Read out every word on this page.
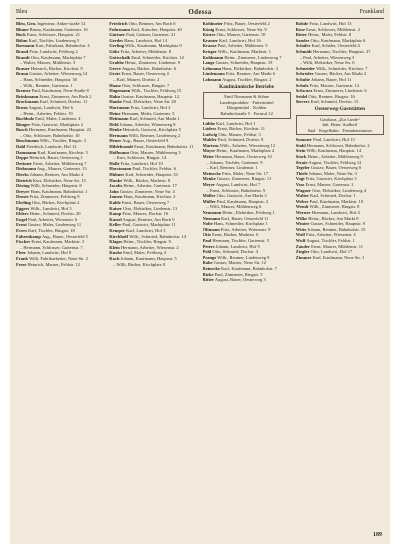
Bleu	Odessa	Frankland

Bleu, Gen. Ingenieur, Anker-straße 12

Blume Bruno, Kaufmann, Gartenstr. 16

Bock Ernst, Schlosser, Hauptstr. 21

Böhm Karl, Tischler, Lindenweg 5

Bormann Kurt, Fabrikant, Bahnhofstr. 4

Brand Fritz, Landwirt, Feldweg 2

Brandt Otto, Kaufmann, Marktplatz 7

– Walter, Maurer, Mühlenstr. 3

Brauer Heinrich, Bäcker, Kirchstr. 9

Braun Gustav, Arbeiter, Wiesenweg 14

– Hans, Schneider, Hauptstr. 30

– Wilh., Rentner, Gartenstr. 1

Bremer Paul, Kaufmann, Neue Straße 8

Brinkmann Ernst, Zimmerer, Am Bach 2

Brockmann Karl, Schmied, Dorfstr. 11

Bruns August, Landwirt, Hof 6

– Heinr., Arbeiter, Feldstr. 19

Buchholz Emil, Maler, Lindenstr. 4

Bünger Fritz, Gastwirt, Marktplatz 2

Busch Hermann, Kaufmann, Hauptstr. 22

– Otto, Schlosser, Bahnhofstr. 10

Buschmann Wilh., Tischler, Ringstr. 3

Dahl Friedrich, Landwirt, Hof 12

Dammann Karl, Kaufmann, Kirchstr. 5

Deppe Heinrich, Bauer, Oesterweg 1

Dettmer Ernst, Arbeiter, Mühlenweg 7

Diekmann Aug., Maurer, Gartenstr. 13

Dierks Johann, Rentner, Am Markt 4

Dietrich Kurt, Elektriker, Neue Str. 15

Döring Willi, Schneider, Hauptstr. 8

Dreyer Hans, Kaufmann, Bahnhofstr. 1

Droste Fritz, Zimmerer, Feldweg 9

Ebeling Otto, Bäcker, Kirchplatz 2

Eggers Wilh., Landwirt, Hof 3

Ehlers Heinr., Schmied, Dorfstr. 20

Engel Paul, Arbeiter, Wiesenstr. 6

Ernst Gustav, Maler, Lindenweg 11

Evers Karl, Tischler, Ringstr. 18

Fahrenkamp Aug., Bauer, Oesterfeld 5

Fischer Ernst, Kaufmann, Marktstr. 3

– Hermann, Schlosser, Gartenstr. 7

Fleer Johann, Landwirt, Hof 8

Frank Willi, Fabrikarbeiter, Neue Str. 2

Frese Heinrich, Maurer, Feldstr. 12

Friedrich Otto, Rentner, Am Bach 6

Fuhrmann Karl, Kutscher, Hauptstr. 40

Gärtner Paul, Gärtner, Gartenstr. 21

Gerdes Hans, Landwirt, Hof 14

Gerling Wilh., Kaufmann, Marktplatz 9

Göke Fritz, Arbeiter, Mühlenstr. 8

Gottschalk Emil, Schneider, Kirchstr. 14

Grabbe Heinr., Zimmerer, Lindenstr. 9

Greve August, Bäcker, Bahnhofstr. 6

Grote Ernst, Bauer, Oesterweg 4

– Karl, Maurer, Dorfstr. 2

Haase Otto, Schlosser, Ringstr. 7

Hagemann Wilh., Tischler, Feldweg 15

Hahn Gustav, Kaufmann, Hauptstr. 12

Hanke Paul, Elektriker, Neue Str. 20

Hartmann Fritz, Landwirt, Hof 2

Heine Hermann, Maler, Gartenstr. 3

Heitmann Karl, Schmied, Am Markt 1

Held Johann, Arbeiter, Wiesenweg 8

Henke Heinrich, Gastwirt, Kirchplatz 5

Hermann Willi, Rentner, Lindenweg 2

Heuer Aug., Bauer, Oesterfeld 9

Hildebrandt Ernst, Kaufmann, Bahnhofstr. 11

Hoffmann Otto, Maurer, Mühlenweg 3

– Kurt, Schlosser, Ringstr. 14

Holle Fritz, Landwirt, Hof 10

Horstmann Paul, Tischler, Feldstr. 6

Hübner Karl, Schneider, Hauptstr. 33

Hunke Wilh., Bäcker, Marktstr. 8

Jacobs Heinr., Arbeiter, Gartenstr. 17

Jahn Gustav, Zimmerer, Neue Str. 4

Jansen Hans, Kaufmann, Kirchstr. 2

Kahle Ernst, Bauer, Oesterweg 7

Kaiser Otto, Elektriker, Lindenstr. 13

Kamp Fritz, Maurer, Dorfstr. 16

Kassel August, Rentner, Am Bach 9

Keller Paul, Gastwirt, Marktplatz 11

Kemper Karl, Landwirt, Hof 5

Kirchhoff Wilh., Schmied, Bahnhofstr. 14

Klages Heinr., Tischler, Ringstr. 9

Klein Hermann, Arbeiter, Wiesenstr. 2

Knoke Emil, Maler, Feldweg 4

Koch Johann, Kaufmann, Hauptstr. 5

– Willi, Bäcker, Kirchplatz 8

Kohlmeier Fritz, Bauer, Oesterfeld 2

König Ernst, Schlosser, Neue Str. 9

Köster Otto, Maurer, Gartenstr. 10

Kramer Karl, Landwirt, Hof 16

Krause Paul, Arbeiter, Mühlenstr. 5

Krüger Wilh., Kaufmann, Marktstr. 1

Kuhlmann Heinr., Zimmerer, Lindenweg 7

Lange Gustav, Schneider, Hauptstr. 19

Lehmann Hans, Elektriker, Bahnhofstr. 3

Lindemann Fritz, Rentner, Am Markt 6

Lohmann August, Tischler, Ringstr. 2

Kaufmännische Betriebe

Emil Niermann & Söhne

Landesprodukte · Futtermittel

Düngemittel · Kohlen

Bahnhofstraße 5 · Fernruf 12

Lübbe Karl, Landwirt, Hof 1

Lüders Ernst, Bäcker, Kirchstr. 11

Ludwig Otto, Maurer, Feldstr. 3

Mahler Paul, Schmied, Dorfstr. 8

Martens Wilh., Arbeiter, Wiesenweg 12

Mayer Heinr., Kaufmann, Marktplatz 4

Meier Hermann, Bauer, Oesterweg 10

– Johann, Tischler, Gartenstr. 9

– Karl, Rentner, Lindenstr. 1

Meinecke Fritz, Maler, Neue Str. 17

Menke Gustav, Zimmerer, Ringstr. 11

Meyer August, Landwirt, Hof 7

– Ernst, Schlosser, Bahnhofstr. 9

Möller Otto, Gastwirt, Am Markt 3

Müller Paul, Kaufmann, Hauptstr. 2

– Willi, Maurer, Mühlenweg 6

Neumann Heinr., Elektriker, Feldweg 1

Niemann Karl, Bauer, Oesterfeld 11

Nolte Hans, Schneider, Kirchplatz 1

Oltmann Fritz, Arbeiter, Wiesenstr. 9

Otte Ernst, Bäcker, Marktstr. 6

Paul Hermann, Tischler, Gartenstr. 5

Peters Johann, Landwirt, Hof 9

Pohl Otto, Schmied, Dorfstr. 4

Prange Wilh., Rentner, Lindenweg 9

Rahe Gustav, Maurer, Neue Str. 12

Reinecke Karl, Kaufmann, Bahnhofstr. 7

Rieke Paul, Zimmerer, Ringstr. 5

Ritter August, Bauer, Oesterweg 3

Rohde Fritz, Landwirt, Hof 13

Rose Ernst, Schlosser, Mühlenstr. 2

Rüter Heinr., Maler, Feldstr. 8

Sander Otto, Kaufmann, Marktplatz 6

Schäfer Karl, Schäfer, Oesterfeld 4

Schmidt Hermann, Tischler, Hauptstr. 27

– Paul, Arbeiter, Wiesenweg 3

– Willi, Elektriker, Neue Str. 6

Schneider Wilh., Schneider, Kirchstr. 7

Schröder Gustav, Bäcker, Am Markt 2

Schulte Johann, Bauer, Hof 11

Schulz Fritz, Maurer, Gartenstr. 14

Schwarz Ernst, Zimmerer, Lindenstr. 6

Seidel Otto, Rentner, Ringstr. 16

Sievers Karl, Schmied, Dorfstr. 13

Oesterweg-Gaststätten

Gasthaus „Zur Linde“

Inh. Heinr. Sudhoff

Saal · Kegelbahn · Fremdenzimmer

Sommer Paul, Landwirt, Hof 15

Stahl Hermann, Schlosser, Bahnhofstr. 2

Stein Willi, Kaufmann, Hauptstr. 14

Stork Heinr., Arbeiter, Mühlenweg 9

Strate August, Tischler, Feldweg 12

Tegeler Gustav, Bauer, Oesterweg 8

Thiele Johann, Maler, Neue Str. 3

Vogt Fritz, Gastwirt, Kirchplatz 3

Voss Ernst, Maurer, Gartenstr. 2

Wagner Otto, Elektriker, Lindenweg 4

Walter Karl, Schmied, Dorfstr. 1

Weber Paul, Kaufmann, Marktstr. 10

Wendt Wilh., Zimmerer, Ringstr. 8

Werner Hermann, Landwirt, Hof 4

Wilke Heinr., Bäcker, Am Markt 8

Winter Gustav, Schneider, Hauptstr. 9

Witte Johann, Rentner, Bahnhofstr. 15

Wolf Fritz, Arbeiter, Wiesenstr. 4

Wulf August, Tischler, Feldstr. 1

Zander Ernst, Maurer, Mühlenstr. 11

Ziegler Otto, Landwirt, Hof 17

Zimmer Karl, Kaufmann, Neue Str. 1

189
